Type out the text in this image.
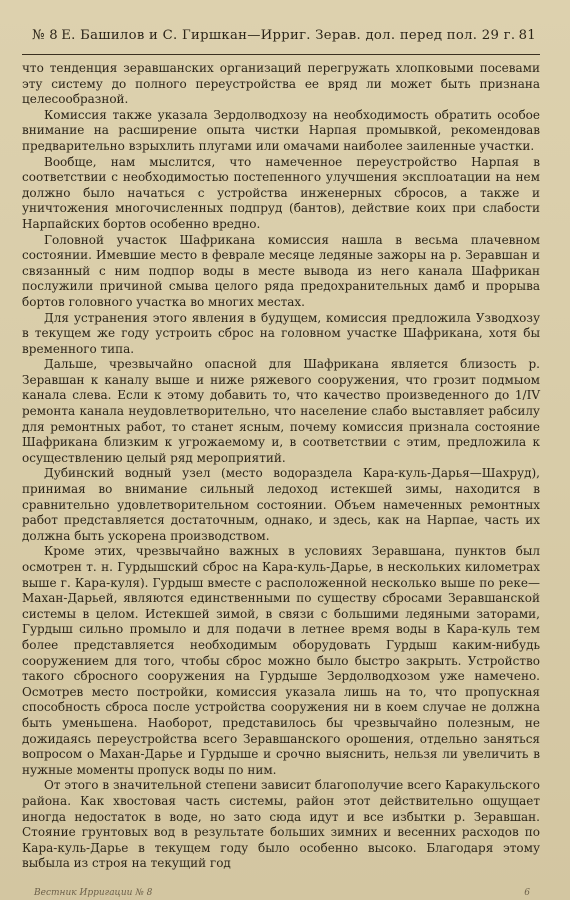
№ 8 Е. Башилов и С. Гиршкан—Ирриг. Зерав. дол. перед пол. 29 г. 81

что тенденция зеравшанских организаций перегружать хлопковыми посевами эту систему до полного переустройства ее вряд ли может быть признана целесообразной.

Комиссия также указала Зердолводхозу на необходимость обратить особое внимание на расширение опыта чистки Нарпая промывкой, рекомендовав предварительно взрыхлить плугами или омачами наиболее заиленные участки.

Вообще, нам мыслится, что намеченное переустройство Нарпая в соответствии с необходимостью постепенного улучшения эксплоатации на нем должно было начаться с устройства инженерных сбросов, а также и уничтожения многочисленных подпруд (бантов), действие коих при слабости Нарпайских бортов особенно вредно.

Головной участок Шафрикана комиссия нашла в весьма плачевном состоянии. Имевшие место в феврале месяце ледяные зажоры на р. Зеравшан и связанный с ним подпор воды в месте вывода из него канала Шафрикан послужили причиной смыва целого ряда предохранительных дамб и прорыва бортов головного участка во многих местах.

Для устранения этого явления в будущем, комиссия предложила Узводхозу в текущем же году устроить сброс на головном участке Шафрикана, хотя бы временного типа.

Дальше, чрезвычайно опасной для Шафрикана является близость р. Зеравшан к каналу выше и ниже ряжевого сооружения, что грозит подмыом канала слева. Если к этому добавить то, что качество произведенного до 1/IV ремонта канала неудовлетворительно, что население слабо выставляет рабсилу для ремонтных работ, то станет ясным, почему комиссия признала состояние Шафрикана близким к угрожаемому и, в соответствии с этим, предложила к осуществлению целый ряд мероприятий.

Дубинский водный узел (место водораздела Кара-куль-Дарья—Шахруд), принимая во внимание сильный ледоход истекшей зимы, находится в сравнительно удовлетворительном состоянии. Объем намеченных ремонтных работ представляется достаточным, однако, и здесь, как на Нарпае, часть их должна быть ускорена производством.

Кроме этих, чрезвычайно важных в условиях Зеравшана, пунктов был осмотрен т. н. Гурдышский сброс на Кара-куль-Дарье, в нескольких километрах выше г. Кара-куля). Гурдыш вместе с расположенной несколько выше по реке—Махан-Дарьей, являются единственными по существу сбросами Зеравшанской системы в целом. Истекшей зимой, в связи с большими ледяными заторами, Гурдыш сильно промыло и для подачи в летнее время воды в Кара-куль тем более представляется необходимым оборудовать Гурдыш каким-нибудь сооружением для того, чтобы сброс можно было быстро закрыть. Устройство такого сбросного сооружения на Гурдыше Зердолводхозом уже намечено. Осмотрев место постройки, комиссия указала лишь на то, что пропускная способность сброса после устройства сооружения ни в коем случае не должна быть уменьшена. Наоборот, представилось бы чрезвычайно полезным, не дожидаясь переустройства всего Зеравшанского орошения, отдельно заняться вопросом о Махан-Дарье и Гурдыше и срочно выяснить, нельзя ли увеличить в нужные моменты пропуск воды по ним.

От этого в значительной степени зависит благополучие всего Каракульского района. Как хвостовая часть системы, район этот действительно ощущает иногда недостаток в воде, но зато сюда идут и все избытки р. Зеравшан. Стояние грунтовых вод в результате больших зимних и весенних расходов по Кара-куль-Дарье в текущем году было особенно высоко. Благодаря этому выбыла из строя на текущий год

Вестник Ирригации № 8	6
